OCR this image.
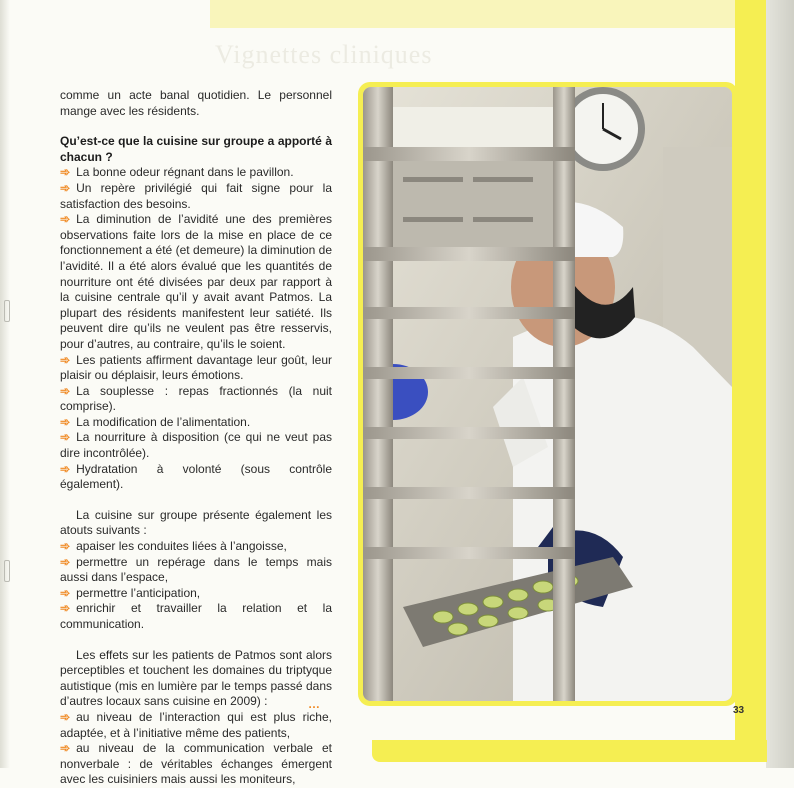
Vignettes cliniques

comme un acte banal quotidien. Le personnel mange avec les résidents.

Qu’est-ce que la cuisine sur groupe a apporté à chacun ?

➾ La bonne odeur régnant dans le pavillon.

➾ Un repère privilégié qui fait signe pour la satisfaction des besoins.

➾ La diminution de l’avidité une des premières observations faite lors de la mise en place de ce fonctionnement a été (et demeure) la diminution de l’avidité. Il a été alors évalué que les quantités de nourriture ont été divisées par deux par rapport à la cuisine centrale qu’il y avait avant Patmos. La plupart des résidents manifestent leur satiété. Ils peuvent dire qu’ils ne veulent pas être resservis, pour d’autres, au contraire, qu’ils le soient.

➾ Les patients affirment davantage leur goût, leur plaisir ou déplaisir, leurs émotions.

➾ La souplesse : repas fractionnés (la nuit comprise).

➾ La modification de l’alimentation.

➾ La nourriture à disposition (ce qui ne veut pas dire incontrôlée).

➾ Hydratation à volonté (sous contrôle également).

La cuisine sur groupe présente également les atouts suivants :

➾ apaiser les conduites liées à l’angoisse,

➾ permettre un repérage dans le temps mais aussi dans l’espace,

➾ permettre l’anticipation,

➾ enrichir et travailler la relation et la communication.

Les effets sur les patients de Patmos sont alors perceptibles et touchent les domaines du triptyque autistique (mis en lumière par le temps passé dans d’autres locaux sans cuisine en 2009) :

➾ au niveau de l’interaction qui est plus riche, adaptée, et à l’initiative même des patients,

➾ au niveau de la communication verbale et nonverbale : de véritables échanges émergent avec les cuisiniers mais aussi les moniteurs,

…	33
